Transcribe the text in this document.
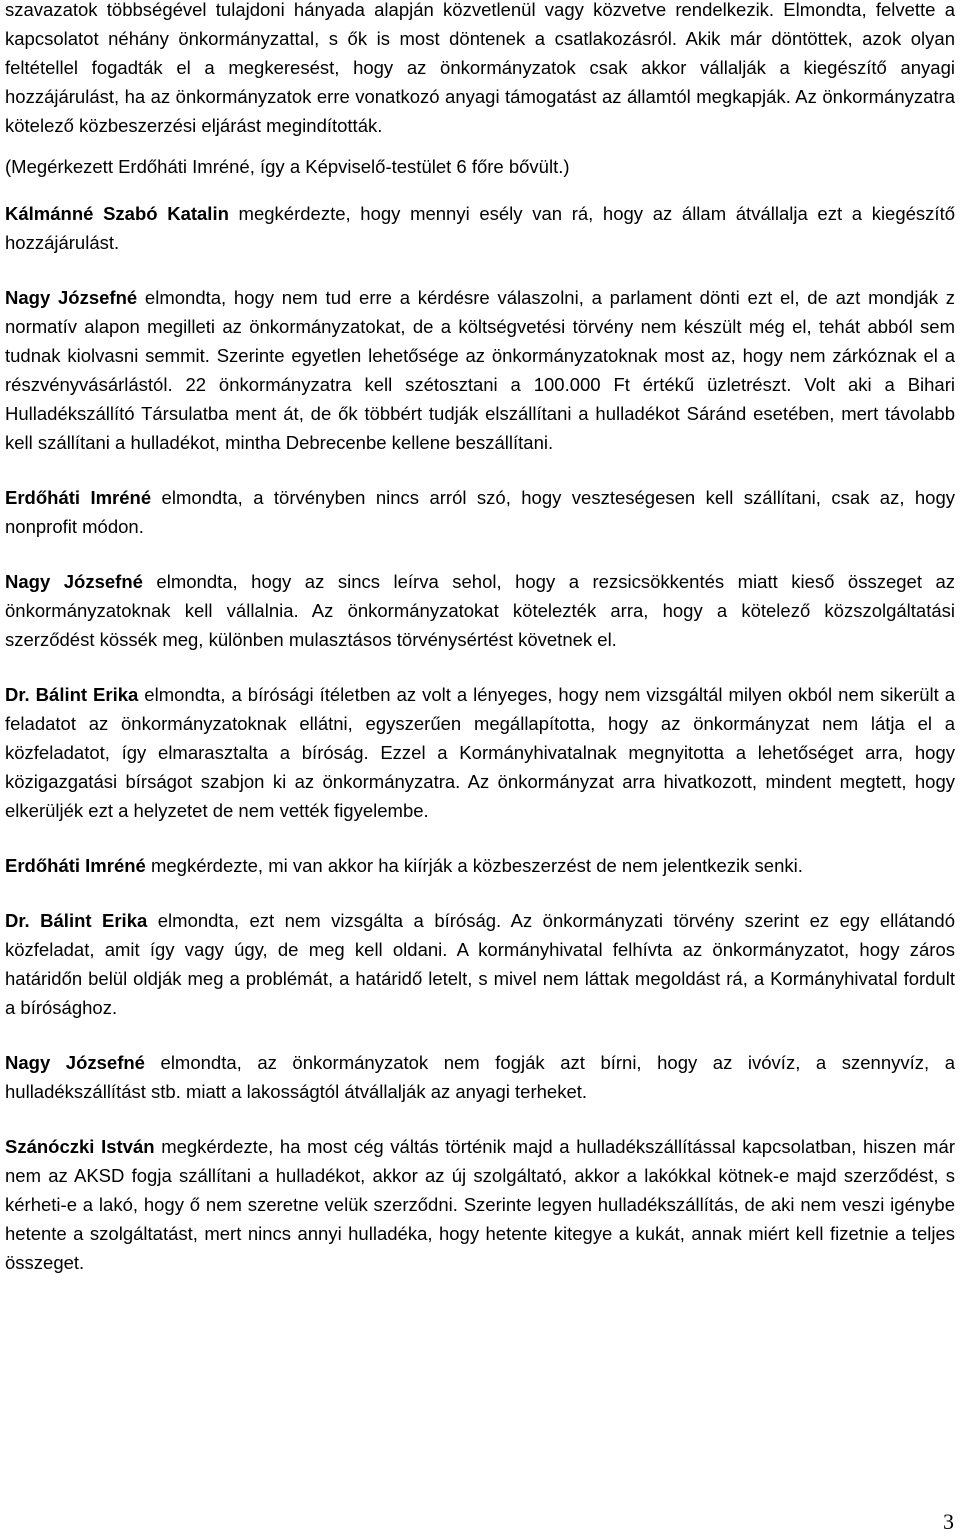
szavazatok többségével tulajdoni hányada alapján közvetlenül vagy közvetve rendelkezik. Elmondta, felvette a kapcsolatot néhány önkormányzattal, s ők is most döntenek a csatlakozásról. Akik már döntöttek, azok olyan feltétellel fogadták el a megkeresést, hogy az önkormányzatok csak akkor vállalják a kiegészítő anyagi hozzájárulást, ha az önkormányzatok erre vonatkozó anyagi támogatást az államtól megkapják. Az önkormányzatra kötelező közbeszerzési eljárást megindították.

(Megérkezett Erdőháti Imréné, így a Képviselő-testület 6 főre bővült.)

Kálmánné Szabó Katalin megkérdezte, hogy mennyi esély van rá, hogy az állam átvállalja ezt a kiegészítő hozzájárulást.

Nagy Józsefné elmondta, hogy nem tud erre a kérdésre válaszolni, a parlament dönti ezt el, de azt mondják z normatív alapon megilleti az önkormányzatokat, de a költségvetési törvény nem készült még el, tehát abból sem tudnak kiolvasni semmit. Szerinte egyetlen lehetősége az önkormányzatoknak most az, hogy nem zárkóznak el a részvényvásárlástól. 22 önkormányzatra kell szétosztani a 100.000 Ft értékű üzletrészt. Volt aki a Bihari Hulladékszállító Társulatba ment át, de ők többért tudják elszállítani a hulladékot Sáránd esetében, mert távolabb kell szállítani a hulladékot, mintha Debrecenbe kellene beszállítani.

Erdőháti Imréné elmondta, a törvényben nincs arról szó, hogy veszteségesen kell szállítani, csak az, hogy nonprofit módon.

Nagy Józsefné elmondta, hogy az sincs leírva sehol, hogy a rezsicsökkentés miatt kieső összeget az önkormányzatoknak kell vállalnia. Az önkormányzatokat kötelezték arra, hogy a kötelező közszolgáltatási szerződést kössék meg, különben mulasztásos törvénysértést követnek el.

Dr. Bálint Erika elmondta, a bírósági ítéletben az volt a lényeges, hogy nem vizsgáltál milyen okból nem sikerült a feladatot az önkormányzatoknak ellátni, egyszerűen megállapította, hogy az önkormányzat nem látja el a közfeladatot, így elmarasztalta a bíróság. Ezzel a Kormányhivatalnak megnyitotta a lehetőséget arra, hogy közigazgatási bírságot szabjon ki az önkormányzatra. Az önkormányzat arra hivatkozott, mindent megtett, hogy elkerüljék ezt a helyzetet de nem vették figyelembe.

Erdőháti Imréné megkérdezte, mi van akkor ha kiírják a közbeszerzést de nem jelentkezik senki.

Dr. Bálint Erika elmondta, ezt nem vizsgálta a bíróság. Az önkormányzati törvény szerint ez egy ellátandó közfeladat, amit így vagy úgy, de meg kell oldani. A kormányhivatal felhívta az önkormányzatot, hogy záros határidőn belül oldják meg a problémát, a határidő letelt, s mivel nem láttak megoldást rá, a Kormányhivatal fordult a bírósághoz.

Nagy Józsefné elmondta, az önkormányzatok nem fogják azt bírni, hogy az ivóvíz, a szennyvíz, a hulladékszállítást stb. miatt a lakosságtól átvállalják az anyagi terheket.

Szánóczki István megkérdezte, ha most cég váltás történik majd a hulladékszállítással kapcsolatban, hiszen már nem az AKSD fogja szállítani a hulladékot, akkor az új szolgáltató, akkor a lakókkal kötnek-e majd szerződést, s kérheti-e a lakó, hogy ő nem szeretne velük szerződni. Szerinte legyen hulladékszállítás, de aki nem veszi igénybe hetente a szolgáltatást, mert nincs annyi hulladéka, hogy hetente kitegye a kukát, annak miért kell fizetnie a teljes összeget.

3
